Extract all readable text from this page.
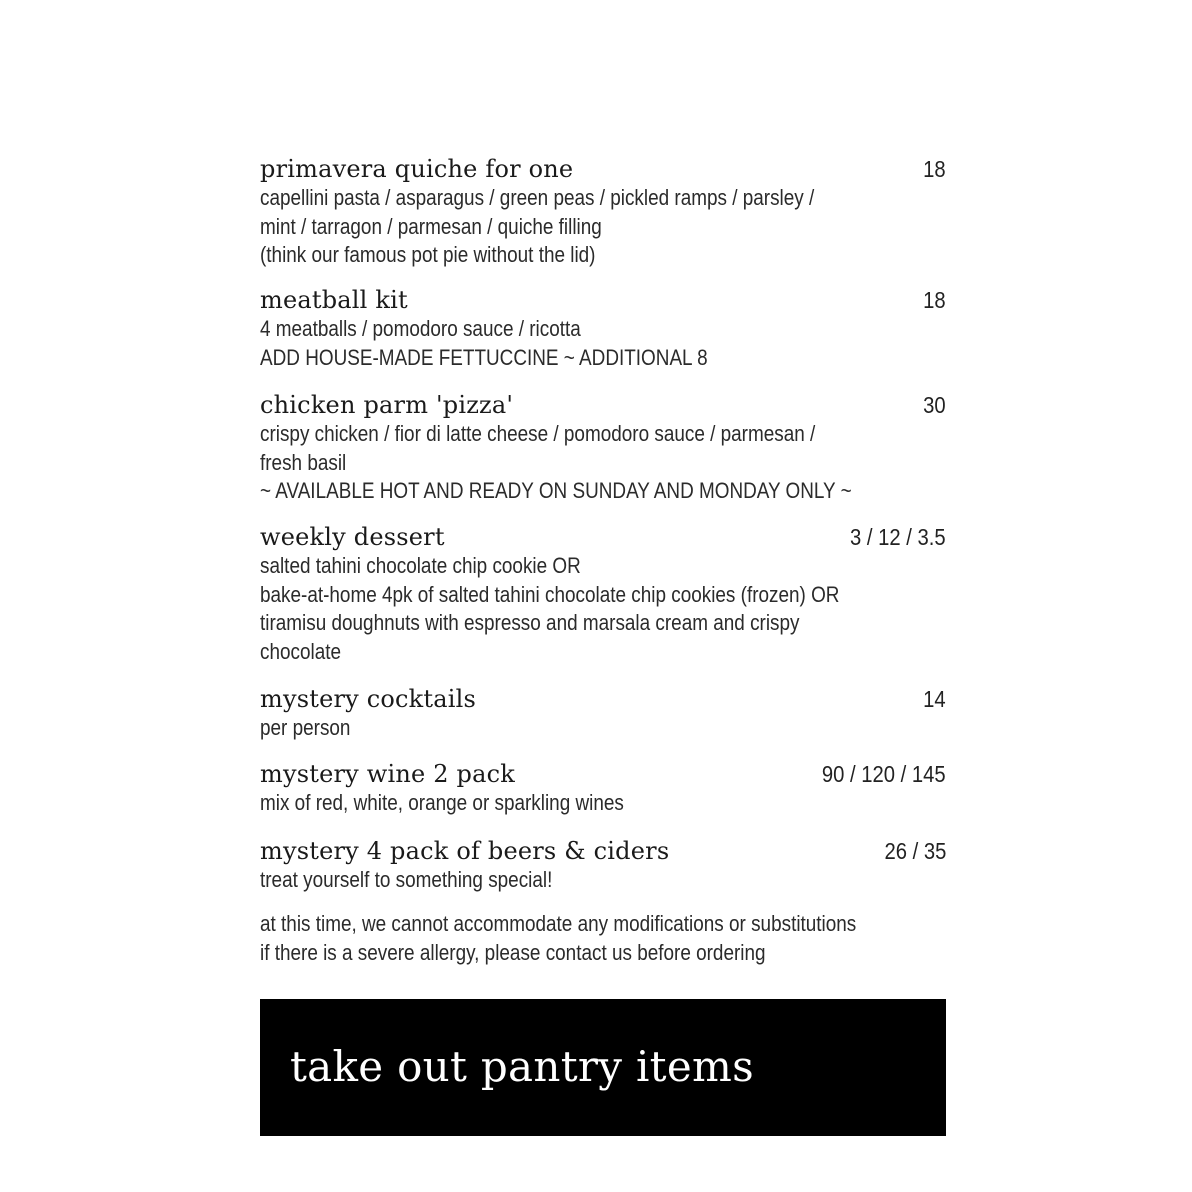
primavera quiche for one	18
capellini pasta / asparagus / green peas / pickled ramps / parsley /
mint / tarragon / parmesan / quiche filling
(think our famous pot pie without the lid)
meatball kit	18
4 meatballs / pomodoro sauce / ricotta
ADD HOUSE-MADE FETTUCCINE ~ ADDITIONAL 8
chicken parm 'pizza'	30
crispy chicken / fior di latte cheese / pomodoro sauce / parmesan /
fresh basil
~ AVAILABLE HOT AND READY ON SUNDAY AND MONDAY ONLY ~
weekly dessert	3 / 12 / 3.5
salted tahini chocolate chip cookie OR
bake-at-home 4pk of salted tahini chocolate chip cookies (frozen) OR
tiramisu doughnuts with espresso and marsala cream and crispy
chocolate
mystery cocktails	14
per person
mystery wine 2 pack	90 / 120 / 145
mix of red, white, orange or sparkling wines
mystery 4 pack of beers & ciders	26 / 35
treat yourself to something special!
at this time, we cannot accommodate any modifications or substitutions
if there is a severe allergy, please contact us before ordering
take out pantry items
